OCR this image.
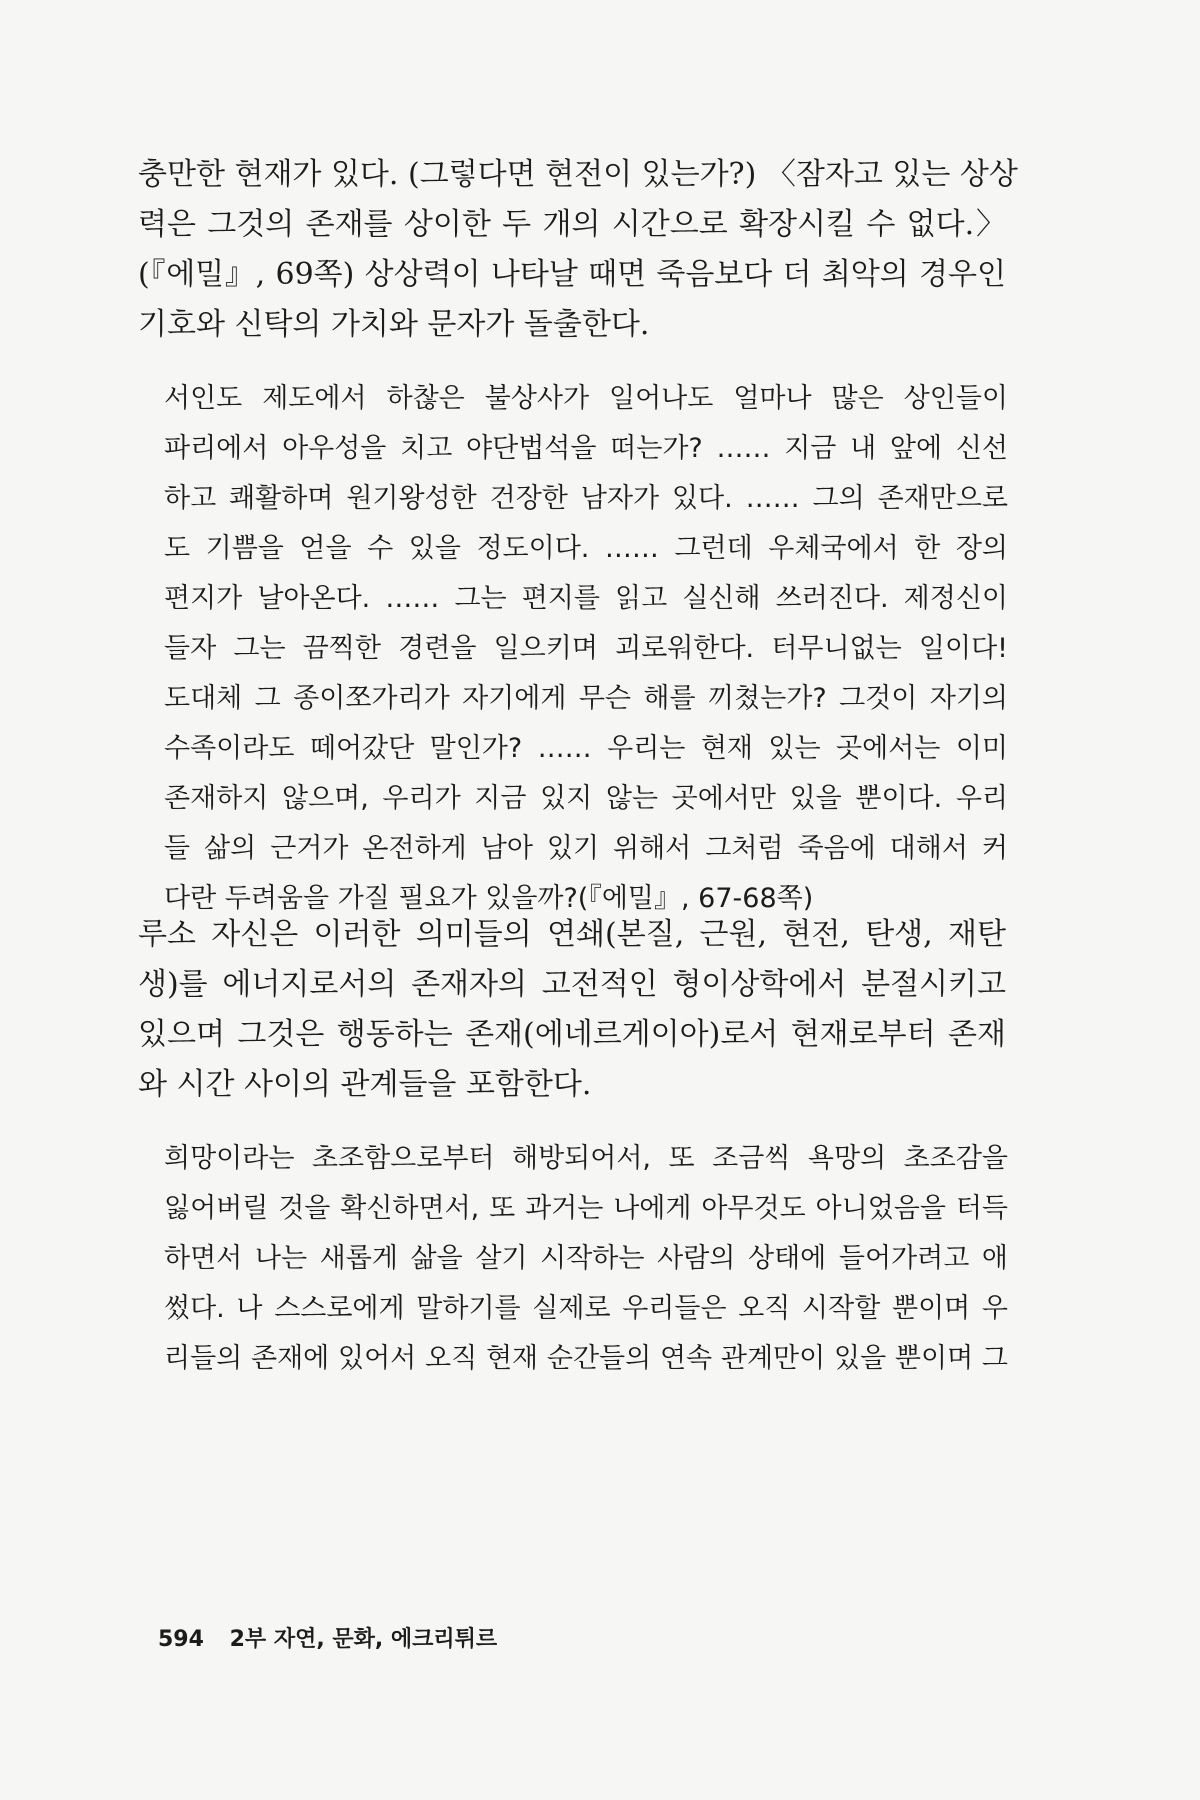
충만한 현재가 있다. (그렇다면 현전이 있는가?) 〈잠자고 있는 상상
력은 그것의 존재를 상이한 두 개의 시간으로 확장시킬 수 없다.〉
(『에밀』, 69쪽) 상상력이 나타날 때면 죽음보다 더 최악의 경우인
기호와 신탁의 가치와 문자가 돌출한다.

서인도 제도에서 하찮은 불상사가 일어나도 얼마나 많은 상인들이
파리에서 아우성을 치고 야단법석을 떠는가? …… 지금 내 앞에 신선
하고 쾌활하며 원기왕성한 건장한 남자가 있다. …… 그의 존재만으로
도 기쁨을 얻을 수 있을 정도이다. …… 그런데 우체국에서 한 장의
편지가 날아온다. …… 그는 편지를 읽고 실신해 쓰러진다. 제정신이
들자 그는 끔찍한 경련을 일으키며 괴로워한다. 터무니없는 일이다!
도대체 그 종이쪼가리가 자기에게 무슨 해를 끼쳤는가? 그것이 자기의
수족이라도 떼어갔단 말인가? …… 우리는 현재 있는 곳에서는 이미
존재하지 않으며, 우리가 지금 있지 않는 곳에서만 있을 뿐이다. 우리
들 삶의 근거가 온전하게 남아 있기 위해서 그처럼 죽음에 대해서 커
다란 두려움을 가질 필요가 있을까?(『에밀』, 67-68쪽)

루소 자신은 이러한 의미들의 연쇄(본질, 근원, 현전, 탄생, 재탄
생)를 에너지로서의 존재자의 고전적인 형이상학에서 분절시키고
있으며 그것은 행동하는 존재(에네르게이아)로서 현재로부터 존재
와 시간 사이의 관계들을 포함한다.

희망이라는 초조함으로부터 해방되어서, 또 조금씩 욕망의 초조감을
잃어버릴 것을 확신하면서, 또 과거는 나에게 아무것도 아니었음을 터득
하면서 나는 새롭게 삶을 살기 시작하는 사람의 상태에 들어가려고 애
썼다. 나 스스로에게 말하기를 실제로 우리들은 오직 시작할 뿐이며 우
리들의 존재에 있어서 오직 현재 순간들의 연속 관계만이 있을 뿐이며 그
594 2부 자연, 문화, 에크리튀르
